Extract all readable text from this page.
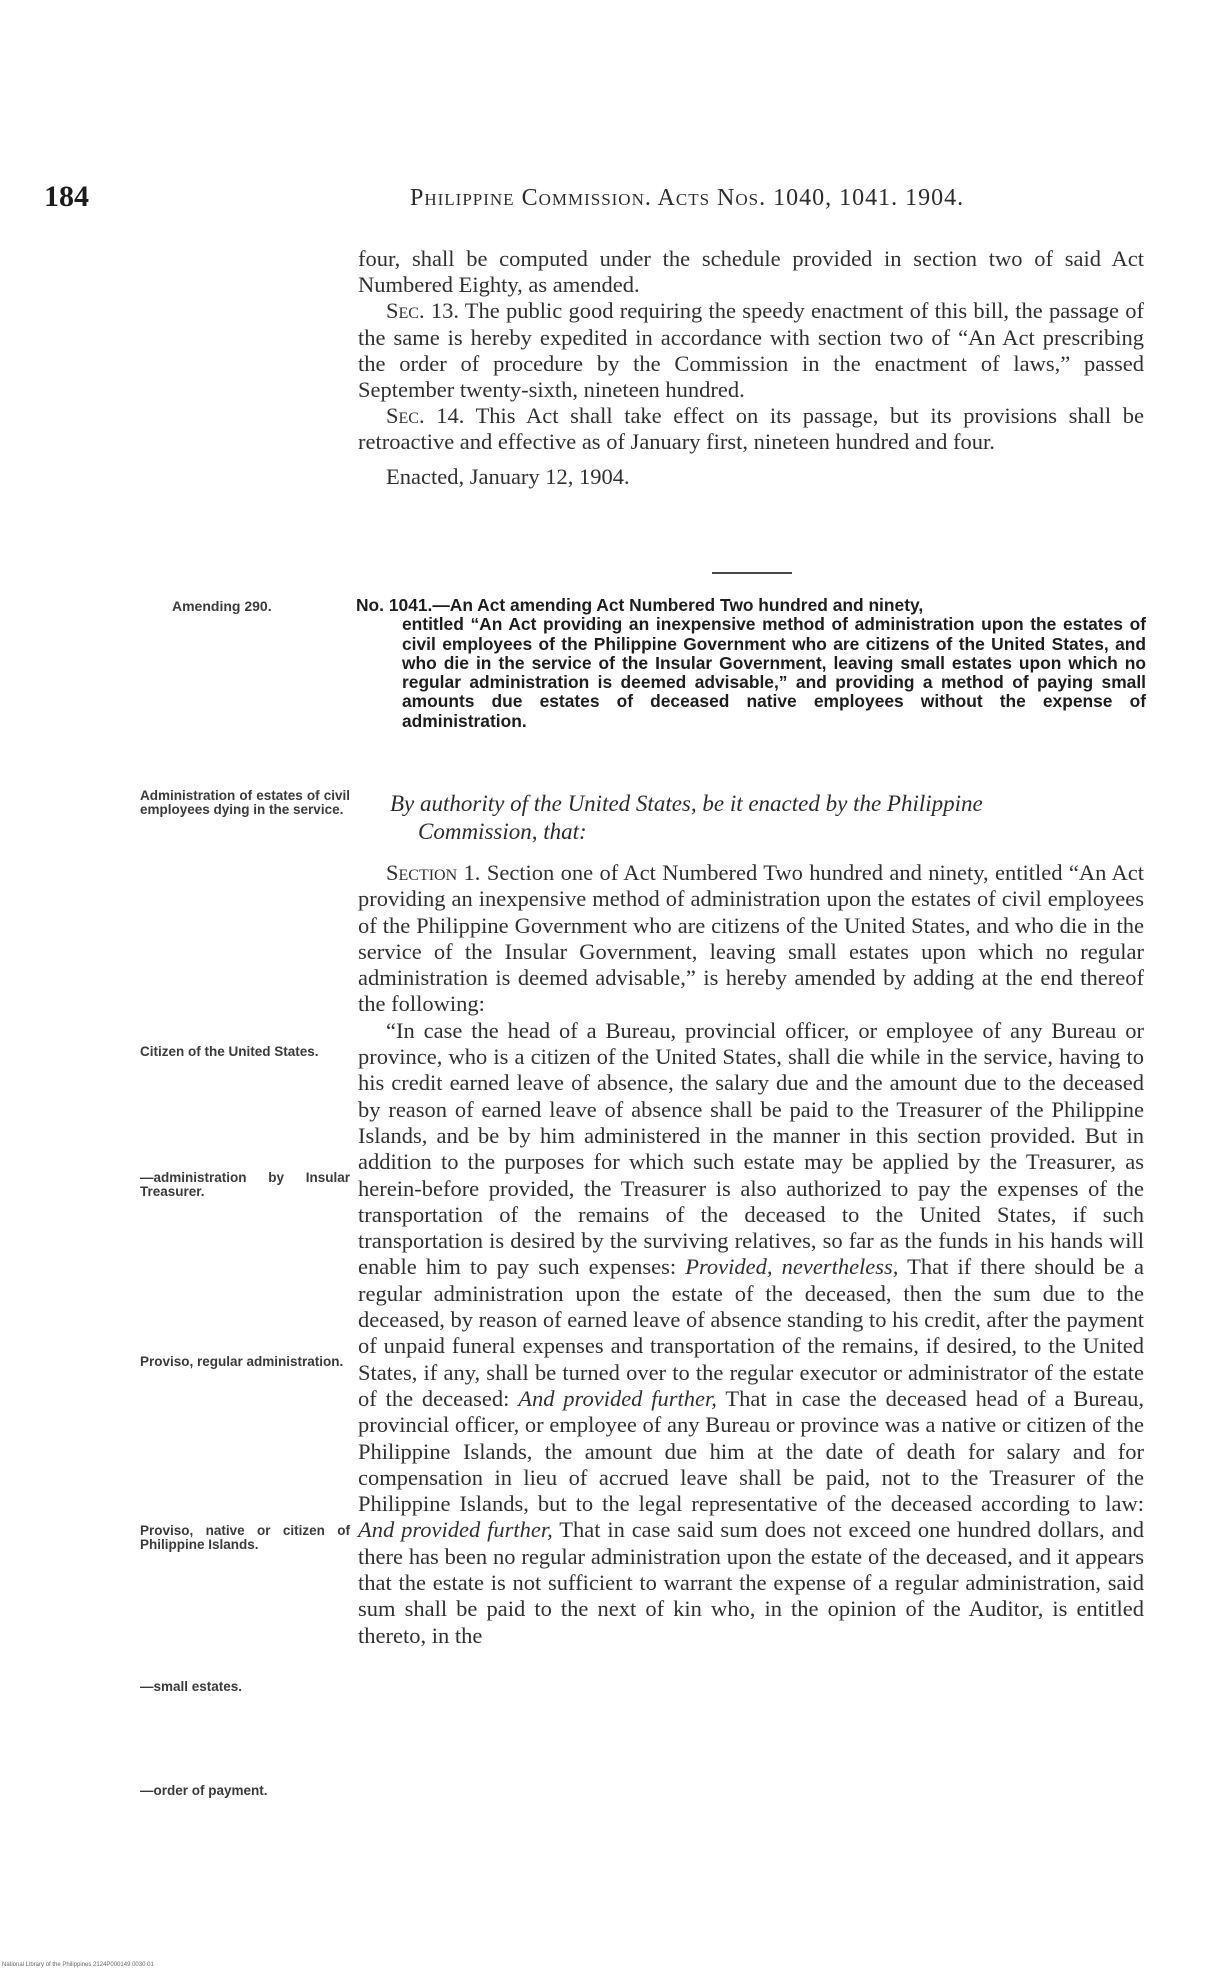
184	Philippine Commission. Acts Nos. 1040, 1041. 1904.

four, shall be computed under the schedule provided in section two of said Act Numbered Eighty, as amended.

Sec. 13. The public good requiring the speedy enactment of this bill, the passage of the same is hereby expedited in accordance with section two of “An Act prescribing the order of procedure by the Commission in the enactment of laws,” passed September twenty-sixth, nineteen hundred.

Sec. 14. This Act shall take effect on its passage, but its provisions shall be retroactive and effective as of January first, nineteen hundred and four.

Enacted, January 12, 1904.

Amending 290.	No. 1041.—An Act amending Act Numbered Two hundred and ninety,
entitled “An Act providing an inexpensive method of administration upon the estates of civil employees of the Philippine Government who are citizens of the United States, and who die in the service of the Insular Government, leaving small estates upon which no regular administration is deemed advisable,” and providing a method of paying small amounts due estates of deceased native employees without the expense of administration.
Administration of estates of civil employees dying in the service. By authority of the United States, be it enacted by the Philippine
Commission, that:

Section 1. Section one of Act Numbered Two hundred and ninety, entitled “An Act providing an inexpensive method of administration upon the estates of civil employees of the Philippine Government who are citizens of the United States, and who die in the service of the Insular Government, leaving small estates upon which no regular administration is deemed advisable,” is hereby amended by adding at the end thereof the following:

“In case the head of a Bureau, provincial officer, or employee of any Bureau or province, who is a citizen of the United States, shall die while in the service, having to his credit earned leave of absence, the salary due and the amount due to the deceased by reason of earned leave of absence shall be paid to the Treasurer of the Philippine Islands, and be by him administered in the manner in this section provided. But in addition to the purposes for which such estate may be applied by the Treasurer, as herein-before provided, the Treasurer is also authorized to pay the expenses of the transportation of the remains of the deceased to the United States, if such transportation is desired by the surviving relatives, so far as the funds in his hands will enable him to pay such expenses: Provided, nevertheless, That if there should be a regular administration upon the estate of the deceased, then the sum due to the deceased, by reason of earned leave of absence standing to his credit, after the payment of unpaid funeral expenses and transportation of the remains, if desired, to the United States, if any, shall be turned over to the regular executor or administrator of the estate of the deceased: And provided further, That in case the deceased head of a Bureau, provincial officer, or employee of any Bureau or province was a native or citizen of the Philippine Islands, the amount due him at the date of death for salary and for compensation in lieu of accrued leave shall be paid, not to the Treasurer of the Philippine Islands, but to the legal representative of the deceased according to law: And provided further, That in case said sum does not exceed one hundred dollars, and there has been no regular administration upon the estate of the deceased, and it appears that the estate is not sufficient to warrant the expense of a regular administration, said sum shall be paid to the next of kin who, in the opinion of the Auditor, is entitled thereto, in the

Citizen of the United States.
—administration by Insular Treasurer.
Proviso, regular administration.
Proviso, native or citizen of Philippine Islands.
—small estates.
—order of payment.
National Library of the Philippines 2124P000149 0030 01
